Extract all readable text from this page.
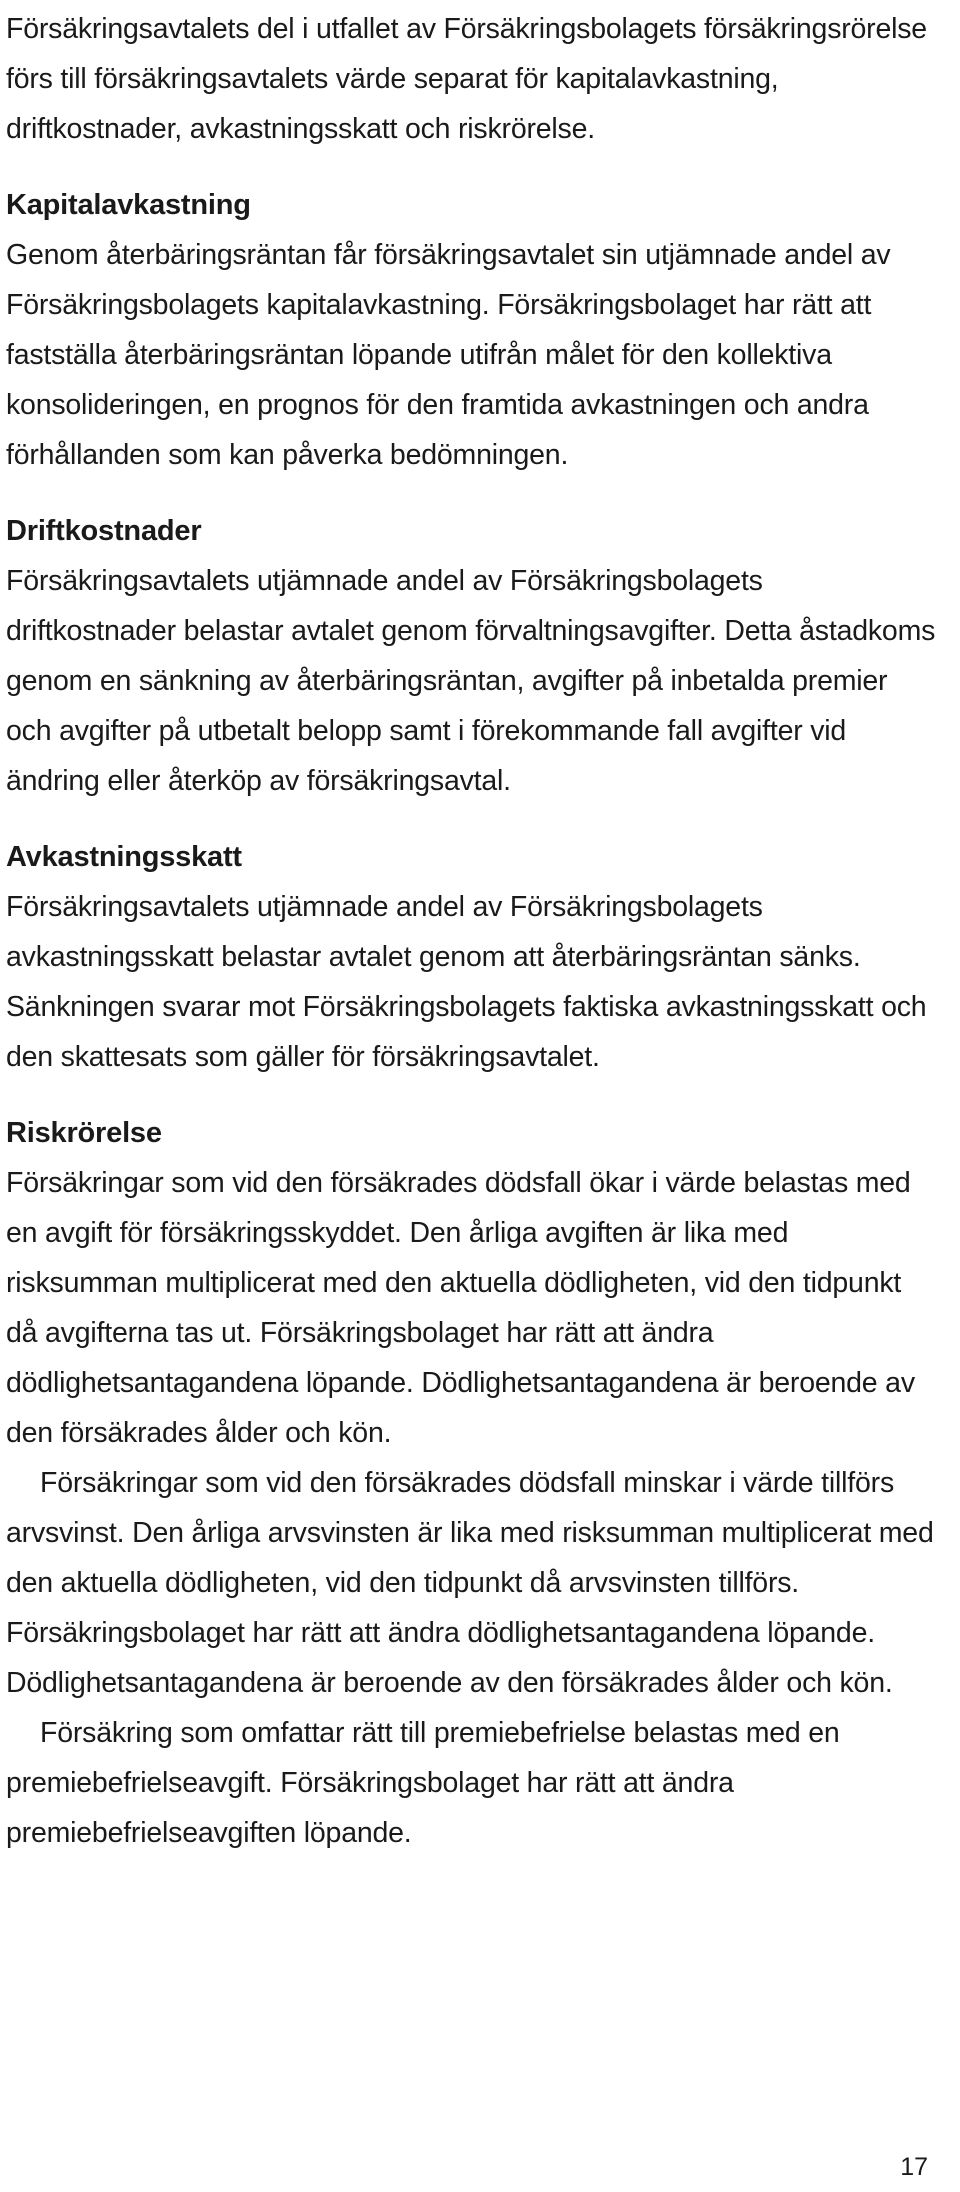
Försäkringsavtalets del i utfallet av Försäkringsbolagets försäkringsrörelse förs till försäkringsavtalets värde separat för kapitalavkastning, driftkostnader, avkastningsskatt och riskrörelse.

Kapitalavkastning

Genom återbäringsräntan får försäkringsavtalet sin utjämnade andel av Försäkringsbolagets kapitalavkastning. Försäkringsbolaget har rätt att fastställa återbäringsräntan löpande utifrån målet för den kollektiva konsolideringen, en prognos för den framtida avkastningen och andra förhållanden som kan påverka bedömningen.

Driftkostnader

Försäkringsavtalets utjämnade andel av Försäkringsbolagets driftkostnader belastar avtalet genom förvaltningsavgifter. Detta åstadkoms genom en sänkning av återbäringsräntan, avgifter på inbetalda premier och avgifter på utbetalt belopp samt i förekommande fall avgifter vid ändring eller återköp av försäkringsavtal.

Avkastningsskatt

Försäkringsavtalets utjämnade andel av Försäkringsbolagets avkastningsskatt belastar avtalet genom att återbäringsräntan sänks. Sänkningen svarar mot Försäkringsbolagets faktiska avkastningsskatt och den skattesats som gäller för försäkringsavtalet.

Riskrörelse

Försäkringar som vid den försäkrades dödsfall ökar i värde belastas med en avgift för försäkringsskyddet. Den årliga avgiften är lika med risksumman multiplicerat med den aktuella dödligheten, vid den tidpunkt då avgifterna tas ut. Försäkringsbolaget har rätt att ändra dödlighetsantagandena löpande. Dödlighetsantagandena är beroende av den försäkrades ålder och kön.

Försäkringar som vid den försäkrades dödsfall minskar i värde tillförs arvsvinst. Den årliga arvsvinsten är lika med risksumman multiplicerat med den aktuella dödligheten, vid den tidpunkt då arvsvinsten tillförs. Försäkringsbolaget har rätt att ändra dödlighetsantagandena löpande. Dödlighetsantagandena är beroende av den försäkrades ålder och kön.

Försäkring som omfattar rätt till premiebefrielse belastas med en premiebefrielseavgift. Försäkringsbolaget har rätt att ändra premiebefrielseavgiften löpande.

17
